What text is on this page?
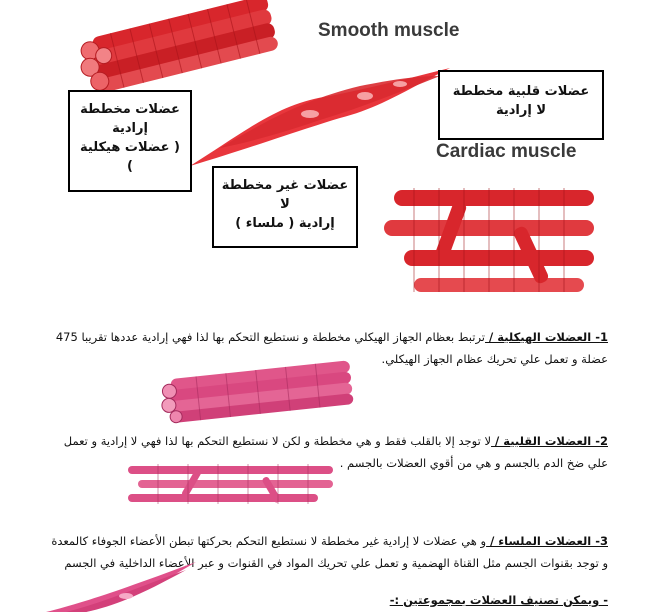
Smooth muscle
Cardiac muscle
عضلات مخططة إرادية
( عضلات هيكلية )
عضلات قلبية مخططة لا إرادية
عضلات غير مخططة لا
إرادية ( ملساء )
1- العضلات الهيكلية / ترتبط بعظام الجهاز الهيكلي مخططة و نستطيع التحكم بها لذا فهي إرادية عددها تقريبا 475 عضلة و تعمل علي تحريك عظام الجهاز الهيكلي.
2- العضلات القلبية / لا توجد إلا بالقلب فقط و هي مخططة و لكن لا نستطيع التحكم بها لذا فهي لا إرادية و تعمل علي ضخ الدم بالجسم و هي من أقوي العضلات بالجسم .
3- العضلات الملساء / و هي عضلات لا إرادية غير مخططة لا نستطيع التحكم بحركتها تبطن الأعضاء الجوفاء كالمعدة و توجد بقنوات الجسم مثل القناة الهضمية و تعمل علي تحريك المواد في القنوات و عبر الأعضاء الداخلية في الجسم
- ويمكن تصنيف العضلات بمجموعتين :-
